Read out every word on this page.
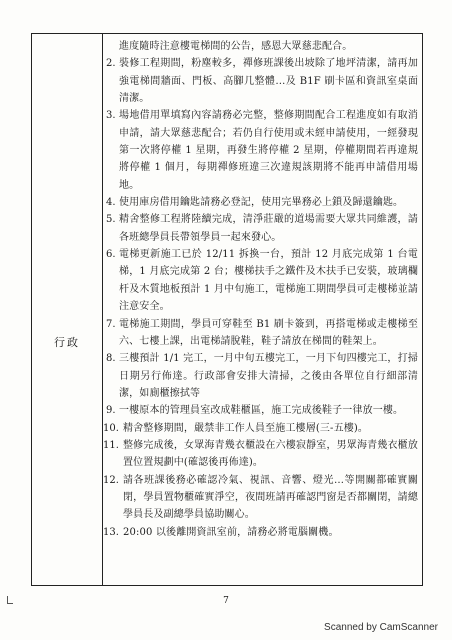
行政
進度隨時注意樓電梯間的公告，感恩大眾慈悲配合。
2. 裝修工程期間，粉塵較多，禪修班課後出坡除了地坪清潔，請再加強電梯間牆面、門板、高腳几整體…及 B1F 刷卡區和資訊室桌面清潔。
3. 場地借用單填寫內容請務必完整，整修期間配合工程進度如有取消申請，請大眾慈悲配合；若仍自行使用或未經申請使用，一經發現第一次將停權 1 星期，再發生將停權 2 星期，停權期間若再違規將停權 1 個月，每期禪修班違三次違規該期將不能再申請借用場地。
4. 使用庫房借用鑰匙請務必登記，使用完畢務必上鎖及歸還鑰匙。
5. 精舍整修工程將陸續完成，清淨莊嚴的道場需要大眾共同維護，請各班總學員長帶領學員一起來發心。
6. 電梯更新施工已於 12/11 拆換一台，預計 12 月底完成第 1 台電梯，1 月底完成第 2 台；樓梯扶手之鐵件及木扶手已安裝，玻璃欄杆及木質地板預計 1 月中旬施工，電梯施工期間學員可走樓梯並請注意安全。
7. 電梯施工期間，學員可穿鞋至 B1 刷卡簽到，再搭電梯或走樓梯至六、七樓上課，出電梯請脫鞋，鞋子請放在梯間的鞋架上。
8. 三樓預計 1/1 完工，一月中旬五樓完工，一月下旬四樓完工，打掃日期另行佈達。行政部會安排大清掃，之後由各單位自行細部清潔，如廁櫃擦拭等
9. 一樓原本的管理員室改成鞋櫃區，施工完成後鞋子一律放一樓。
10. 精舍整修期間，嚴禁非工作人員至施工樓層(三-五樓)。
11. 整修完成後，女眾海青幾衣櫃設在六樓寂靜室，男眾海青幾衣櫃放置位置規劃中(確認後再佈達)。
12. 請各班課後務必確認冷氣、視訊、音響、燈光…等開關都確實關閉，學員置物櫃確實淨空，夜間班請再確認門窗是否都關閉，請總學員長及副總學員協助關心。
13. 20:00 以後離開資訊室前，請務必將電腦關機。
7
Scanned by CamScanner
